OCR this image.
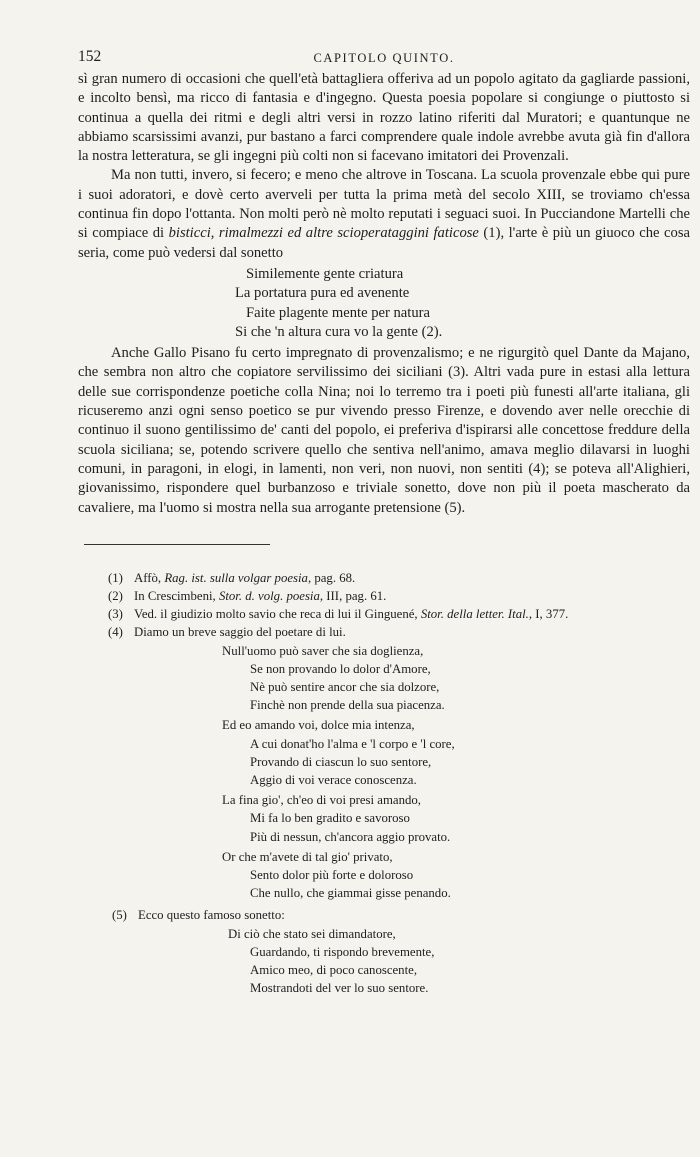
152	CAPITOLO QUINTO.

sì gran numero di occasioni che quell'età battagliera offeriva ad un popolo agitato da gagliarde passioni, e incolto bensì, ma ricco di fantasia e d'ingegno. Questa poesia popolare si congiunge o piuttosto si continua a quella dei ritmi e degli altri versi in rozzo latino riferiti dal Muratori; e quantunque ne abbiamo scarsissimi avanzi, pur bastano a farci comprendere quale indole avrebbe avuta già fin d'allora la nostra letteratura, se gli ingegni più colti non si facevano imitatori dei Provenzali.

Ma non tutti, invero, si fecero; e meno che altrove in Toscana. La scuola provenzale ebbe qui pure i suoi adoratori, e dovè certo averveli per tutta la prima metà del secolo XIII, se troviamo ch'essa continua fin dopo l'ottanta. Non molti però nè molto reputati i seguaci suoi. In Pucciandone Martelli che si compiace di bisticci, rimalmezzi ed altre scioperataggini faticose (1), l'arte è più un giuoco che cosa seria, come può vedersi dal sonetto

Similemente gente criatura
La portatura pura ed avenente
Faite plagente mente per natura
Si che 'n altura cura vo la gente (2).

Anche Gallo Pisano fu certo impregnato di provenzalismo; e ne rigurgitò quel Dante da Majano, che sembra non altro che copiatore servilissimo dei siciliani (3). Altri vada pure in estasi alla lettura delle sue corrispondenze poetiche colla Nina; noi lo terremo tra i poeti più funesti all'arte italiana, gli ricuseremo anzi ogni senso poetico se pur vivendo presso Firenze, e dovendo aver nelle orecchie di continuo il suono gentilissimo de' canti del popolo, ei preferiva d'ispirarsi alle concettose freddure della scuola siciliana; se, potendo scrivere quello che sentiva nell'animo, amava meglio dilavarsi in luoghi comuni, in paragoni, in elogi, in lamenti, non veri, non nuovi, non sentiti (4); se poteva all'Alighieri, giovanissimo, rispondere quel burbanzoso e triviale sonetto, dove non più il poeta mascherato da cavaliere, ma l'uomo si mostra nella sua arrogante pretensione (5).

(1) Affò, Rag. ist. sulla volgar poesia, pag. 68.
(2) In Crescimbeni, Stor. d. volg. poesia, III, pag. 61.
(3) Ved. il giudizio molto savio che reca di lui il Ginguené, Stor. della letter. Ital., I, 377.
(4) Diamo un breve saggio del poetare di lui.
Null'uomo può saver che sia doglienza,
Se non provando lo dolor d'Amore,
Nè può sentire ancor che sia dolzore,
Finchè non prende della sua piacenza.
Ed eo amando voi, dolce mia intenza,
A cui donat'ho l'alma e 'l corpo e 'l core,
Provando di ciascun lo suo sentore,
Aggio di voi verace conoscenza.
La fina gio', ch'eo di voi presi amando,
Mi fa lo ben gradito e savoroso
Più di nessun, ch'ancora aggio provato.
Or che m'avete di tal gio' privato,
Sento dolor più forte e doloroso
Che nullo, che giammai gisse penando.
(5) Ecco questo famoso sonetto:
Di ciò che stato sei dimandatore,
Guardando, ti rispondo brevemente,
Amico meo, di poco canoscente,
Mostrandoti del ver lo suo sentore.
